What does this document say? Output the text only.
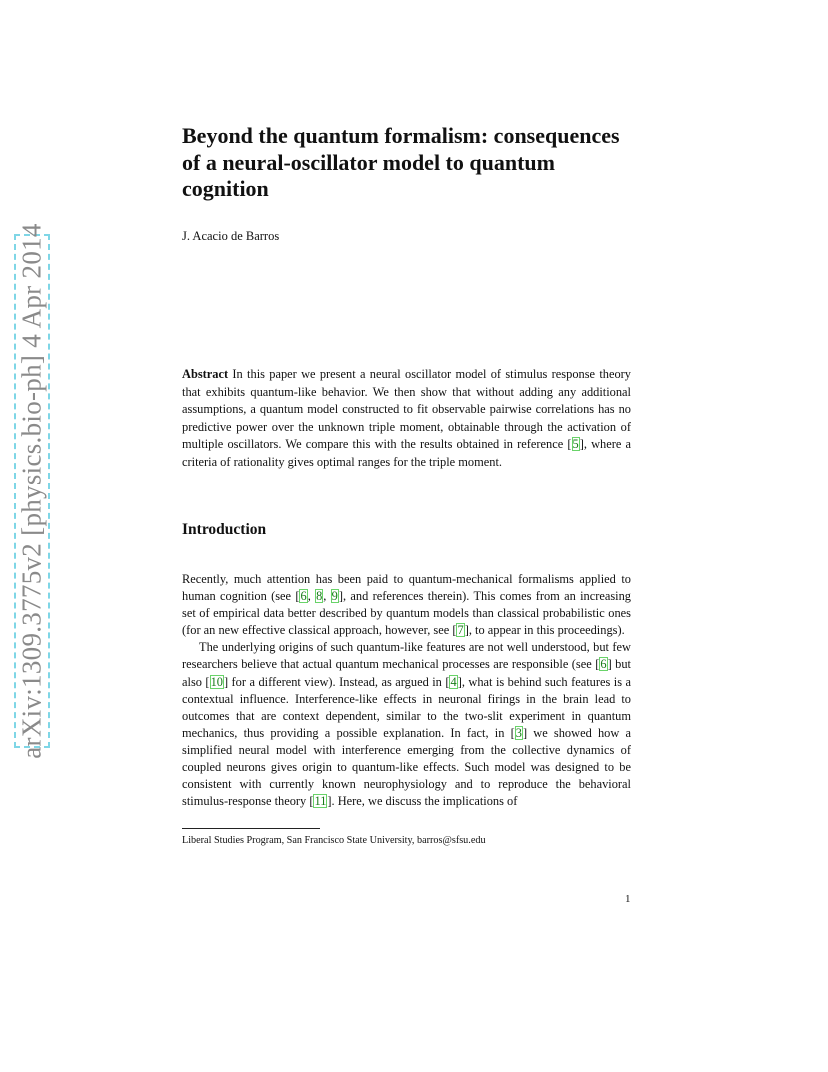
arXiv:1309.3775v2 [physics.bio-ph] 4 Apr 2014
Beyond the quantum formalism: consequences of a neural-oscillator model to quantum cognition
J. Acacio de Barros

Abstract In this paper we present a neural oscillator model of stimulus response theory that exhibits quantum-like behavior. We then show that without adding any additional assumptions, a quantum model constructed to fit observable pairwise correlations has no predictive power over the unknown triple moment, obtainable through the activation of multiple oscillators. We compare this with the results obtained in reference [5], where a criteria of rationality gives optimal ranges for the triple moment.

Introduction

Recently, much attention has been paid to quantum-mechanical formalisms applied to human cognition (see [6, 8, 9], and references therein). This comes from an increasing set of empirical data better described by quantum models than classical probabilistic ones (for an new effective classical approach, however, see [7], to appear in this proceedings).

The underlying origins of such quantum-like features are not well understood, but few researchers believe that actual quantum mechanical processes are responsible (see [6] but also [10] for a different view). Instead, as argued in [4], what is behind such features is a contextual influence. Interference-like effects in neuronal firings in the brain lead to outcomes that are context dependent, similar to the two-slit experiment in quantum mechanics, thus providing a possible explanation. In fact, in [3] we showed how a simplified neural model with interference emerging from the collective dynamics of coupled neurons gives origin to quantum-like effects. Such model was designed to be consistent with currently known neurophysiology and to reproduce the behavioral stimulus-response theory [11]. Here, we discuss the implications of

Liberal Studies Program, San Francisco State University, barros@sfsu.edu
1
